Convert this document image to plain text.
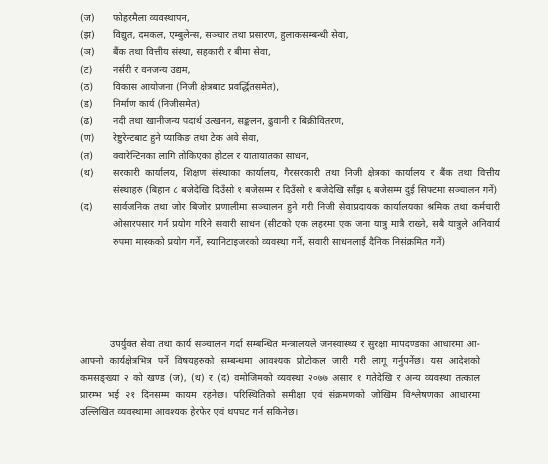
(ज)	फोहरमैला व्यवस्थापन,
(झ)	विद्युत, दमकल, एम्बुलेन्स, सञ्चार तथा प्रसारण, हुलाकसम्बन्धी सेवा,
(ञ)	बैंक तथा वित्तीय संस्था, सहकारी र बीमा सेवा,
(ट)	नर्सरी र वनजन्य उद्यम,
(ठ)	विकास आयोजना (निजी क्षेत्रबाट प्रवर्द्धितसमेत),
(ड)	निर्माण कार्य (निजीसमेत)
(ढ)	नदी तथा खानीजन्य पदार्थ उत्खनन, सङ्कलन, ढुवानी र बिक्रीवितरण,
(ण)	रेष्टुरेन्टबाट हुने प्याकिङ तथा टेक अवे सेवा,
(त)	क्वारेन्टिनका लागि तोकिएका होटल र यातायातका साधन,
(थ)	सरकारी कार्यालय, शिक्षण संस्थाका कार्यालय, गैरसरकारी तथा निजी क्षेत्रका कार्यालय र बैंक तथा वित्तीय संस्थाहरु (बिहान ८ बजेदेखि दिउँसो १ बजेसम्म र दिउँसो १ बजेदेखि साँझ ६ बजेसम्म दुई सिफ्टमा सञ्चालन गर्ने)
(द)	सार्वजनिक तथा जोर बिजोर प्रणालीमा सञ्चालन हुने गरी निजी सेवाप्रदायक कार्यालयका श्रमिक तथा कर्मचारी ओसारपसार गर्न प्रयोग गरिने सवारी साधन (सीटको एक लहरमा एक जना यात्रु मात्रै राख्ने, सबै यात्रुले अनिवार्य रुपमा मास्कको प्रयोग गर्ने, स्यानिटाइजरको व्यवस्था गर्ने, सवारी साधनलाई दैनिक निसंक्रमित गर्ने)

उपर्युक्त सेवा तथा कार्य सञ्चालन गर्दा सम्बन्धित मन्त्रालयले जनस्वास्थ्य र सुरक्षा मापदण्डका आधारमा आ-आफ्नो कार्यक्षेत्रभित्र पर्ने विषयहरुको सम्बन्धमा आवश्यक प्रोटोकल जारी गरी लागू गर्नुपर्नेछ। यस आदेशको कमसङ्ख्या २ को खण्ड (ज), (थ) र (द) वमोजिमको व्यवस्था २०७७ असार १ गतेदेखि र अन्य व्यवस्था तत्काल प्रारम्भ भई २१ दिनसम्म कायम रहनेछ। परिस्थितिको समीक्षा एवं संक्रमणको जोखिम विश्लेषणका आधारमा उल्लिखित व्यवस्थामा आवश्यक हेरफेर एवं थपघट गर्न सकिनेछ।
